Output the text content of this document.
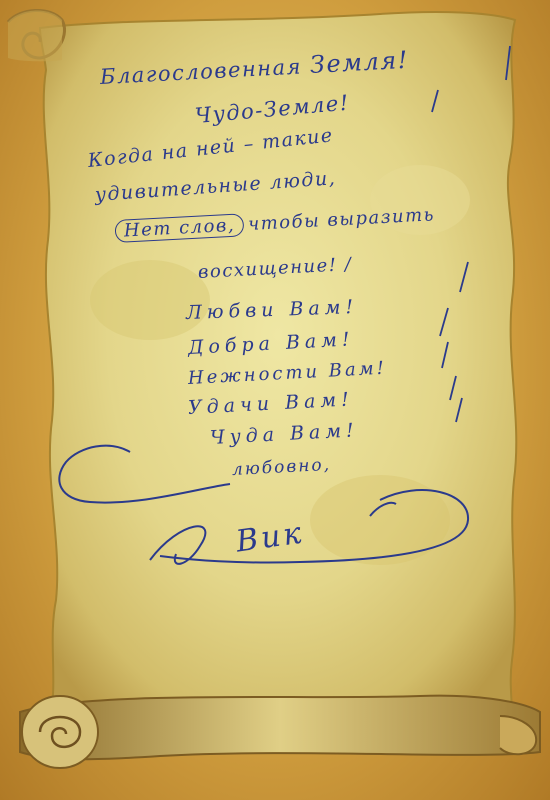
Благословенная Земля!
Чудо-Земле!
Когда на ней – такие
удивительные люди,
Нет слов, чтобы выразить
восхищение! /
Любви Вам!
Добра Вам!
Нежности Вам!
Удачи Вам!
Чуда Вам!
любовно,
Вик
